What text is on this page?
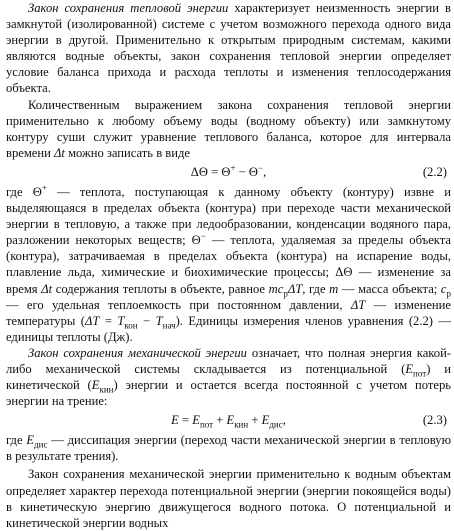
Закон сохранения тепловой энергии характеризует неизменность энергии в замкнутой (изолированной) системе с учетом возможного перехода одного вида энергии в другой. Применительно к открытым природным системам, какими являются водные объекты, закон сохранения тепловой энергии определяет условие баланса прихода и расхода теплоты и изменения теплосодержания объекта.

Количественным выражением закона сохранения тепловой энергии применительно к любому объему воды (водному объекту) или замкнутому контуру суши служит уравнение теплового баланса, которое для интервала времени Δt можно записать в виде

ΔΘ = Θ+ − Θ−,	(2.2)

где Θ+ — теплота, поступающая к данному объекту (контуру) извне и выделяющаяся в пределах объекта (контура) при переходе части механической энергии в тепловую, а также при ледообразовании, конденсации водяного пара, разложении некоторых веществ; Θ− — теплота, удаляемая за пределы объекта (контура), затрачиваемая в пределах объекта (контура) на испарение воды, плавление льда, химические и биохимические процессы; ΔΘ — изменение за время Δt содержания теплоты в объекте, равное $mc_p\Delta T$, где m — масса объекта; $c_p$ — его удельная теплоемкость при постоянном давлении, ΔT — изменение температуры $(\Delta T = T_{кон} - T_{нач})$. Единицы измерения членов уравнения (2.2) — единицы теплоты (Дж).

Закон сохранения механической энергии означает, что полная энергия какой-либо механической системы складывается из потенциальной $(E_{пот})$ и кинетической $(E_{кин})$ энергии и остается всегда постоянной с учетом потерь энергии на трение:

$E = E_{пот} + E_{кин} + E_{дис}$,	(2.3)

где $E_{дис}$ — диссипация энергии (переход части механической энергии в тепловую в результате трения).

Закон сохранения механической энергии применительно к водным объектам определяет характер перехода потенциальной энергии (энергии покоящейся воды) в кинетическую энергию движущегося водного потока. О потенциальной и кинетической энергии водных
